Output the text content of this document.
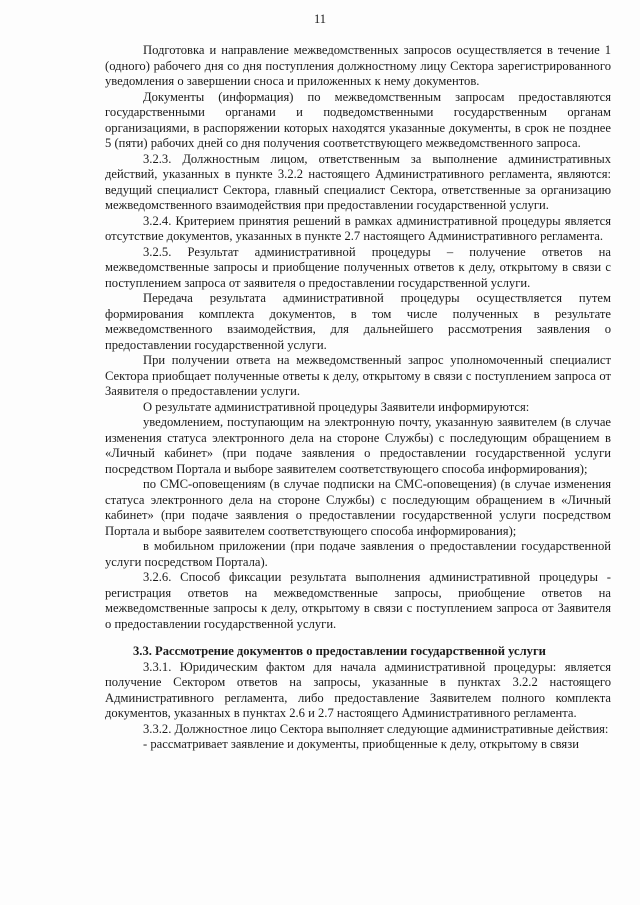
11

Подготовка и направление межведомственных запросов осуществляется в течение 1 (одного) рабочего дня со дня поступления должностному лицу Сектора зарегистрированного уведомления о завершении сноса и приложенных к нему документов.

Документы (информация) по межведомственным запросам предоставляются государственными органами и подведомственными государственным органам организациями, в распоряжении которых находятся указанные документы, в срок не позднее 5 (пяти) рабочих дней со дня получения соответствующего межведомственного запроса.

3.2.3. Должностным лицом, ответственным за выполнение административных действий, указанных в пункте 3.2.2 настоящего Административного регламента, являются: ведущий специалист Сектора, главный специалист Сектора, ответственные за организацию межведомственного взаимодействия при предоставлении государственной услуги.

3.2.4. Критерием принятия решений в рамках административной процедуры является отсутствие документов, указанных в пункте 2.7 настоящего Административного регламента.

3.2.5. Результат административной процедуры – получение ответов на межведомственные запросы и приобщение полученных ответов к делу, открытому в связи с поступлением запроса от заявителя о предоставлении государственной услуги.

Передача результата административной процедуры осуществляется путем формирования комплекта документов, в том числе полученных в результате межведомственного взаимодействия, для дальнейшего рассмотрения заявления о предоставлении государственной услуги.

При получении ответа на межведомственный запрос уполномоченный специалист Сектора приобщает полученные ответы к делу, открытому в связи с поступлением запроса от Заявителя о предоставлении услуги.

О результате административной процедуры Заявители информируются:

уведомлением, поступающим на электронную почту, указанную заявителем (в случае изменения статуса электронного дела на стороне Службы) с последующим обращением в «Личный кабинет» (при подаче заявления о предоставлении государственной услуги посредством Портала и выборе заявителем соответствующего способа информирования);

по СМС-оповещениям (в случае подписки на СМС-оповещения) (в случае изменения статуса электронного дела на стороне Службы) с последующим обращением в «Личный кабинет» (при подаче заявления о предоставлении государственной услуги посредством Портала и выборе заявителем соответствующего способа информирования);

в мобильном приложении (при подаче заявления о предоставлении государственной услуги посредством Портала).

3.2.6. Способ фиксации результата выполнения административной процедуры - регистрация ответов на межведомственные запросы, приобщение ответов на межведомственные запросы к делу, открытому в связи с поступлением запроса от Заявителя о предоставлении государственной услуги.

3.3. Рассмотрение документов о предоставлении государственной услуги

3.3.1. Юридическим фактом для начала административной процедуры: является получение Сектором ответов на запросы, указанные в пунктах 3.2.2 настоящего Административного регламента, либо предоставление Заявителем полного комплекта документов, указанных в пунктах 2.6 и 2.7 настоящего Административного регламента.

3.3.2. Должностное лицо Сектора выполняет следующие административные действия:

- рассматривает заявление и документы, приобщенные к делу, открытому в связи
